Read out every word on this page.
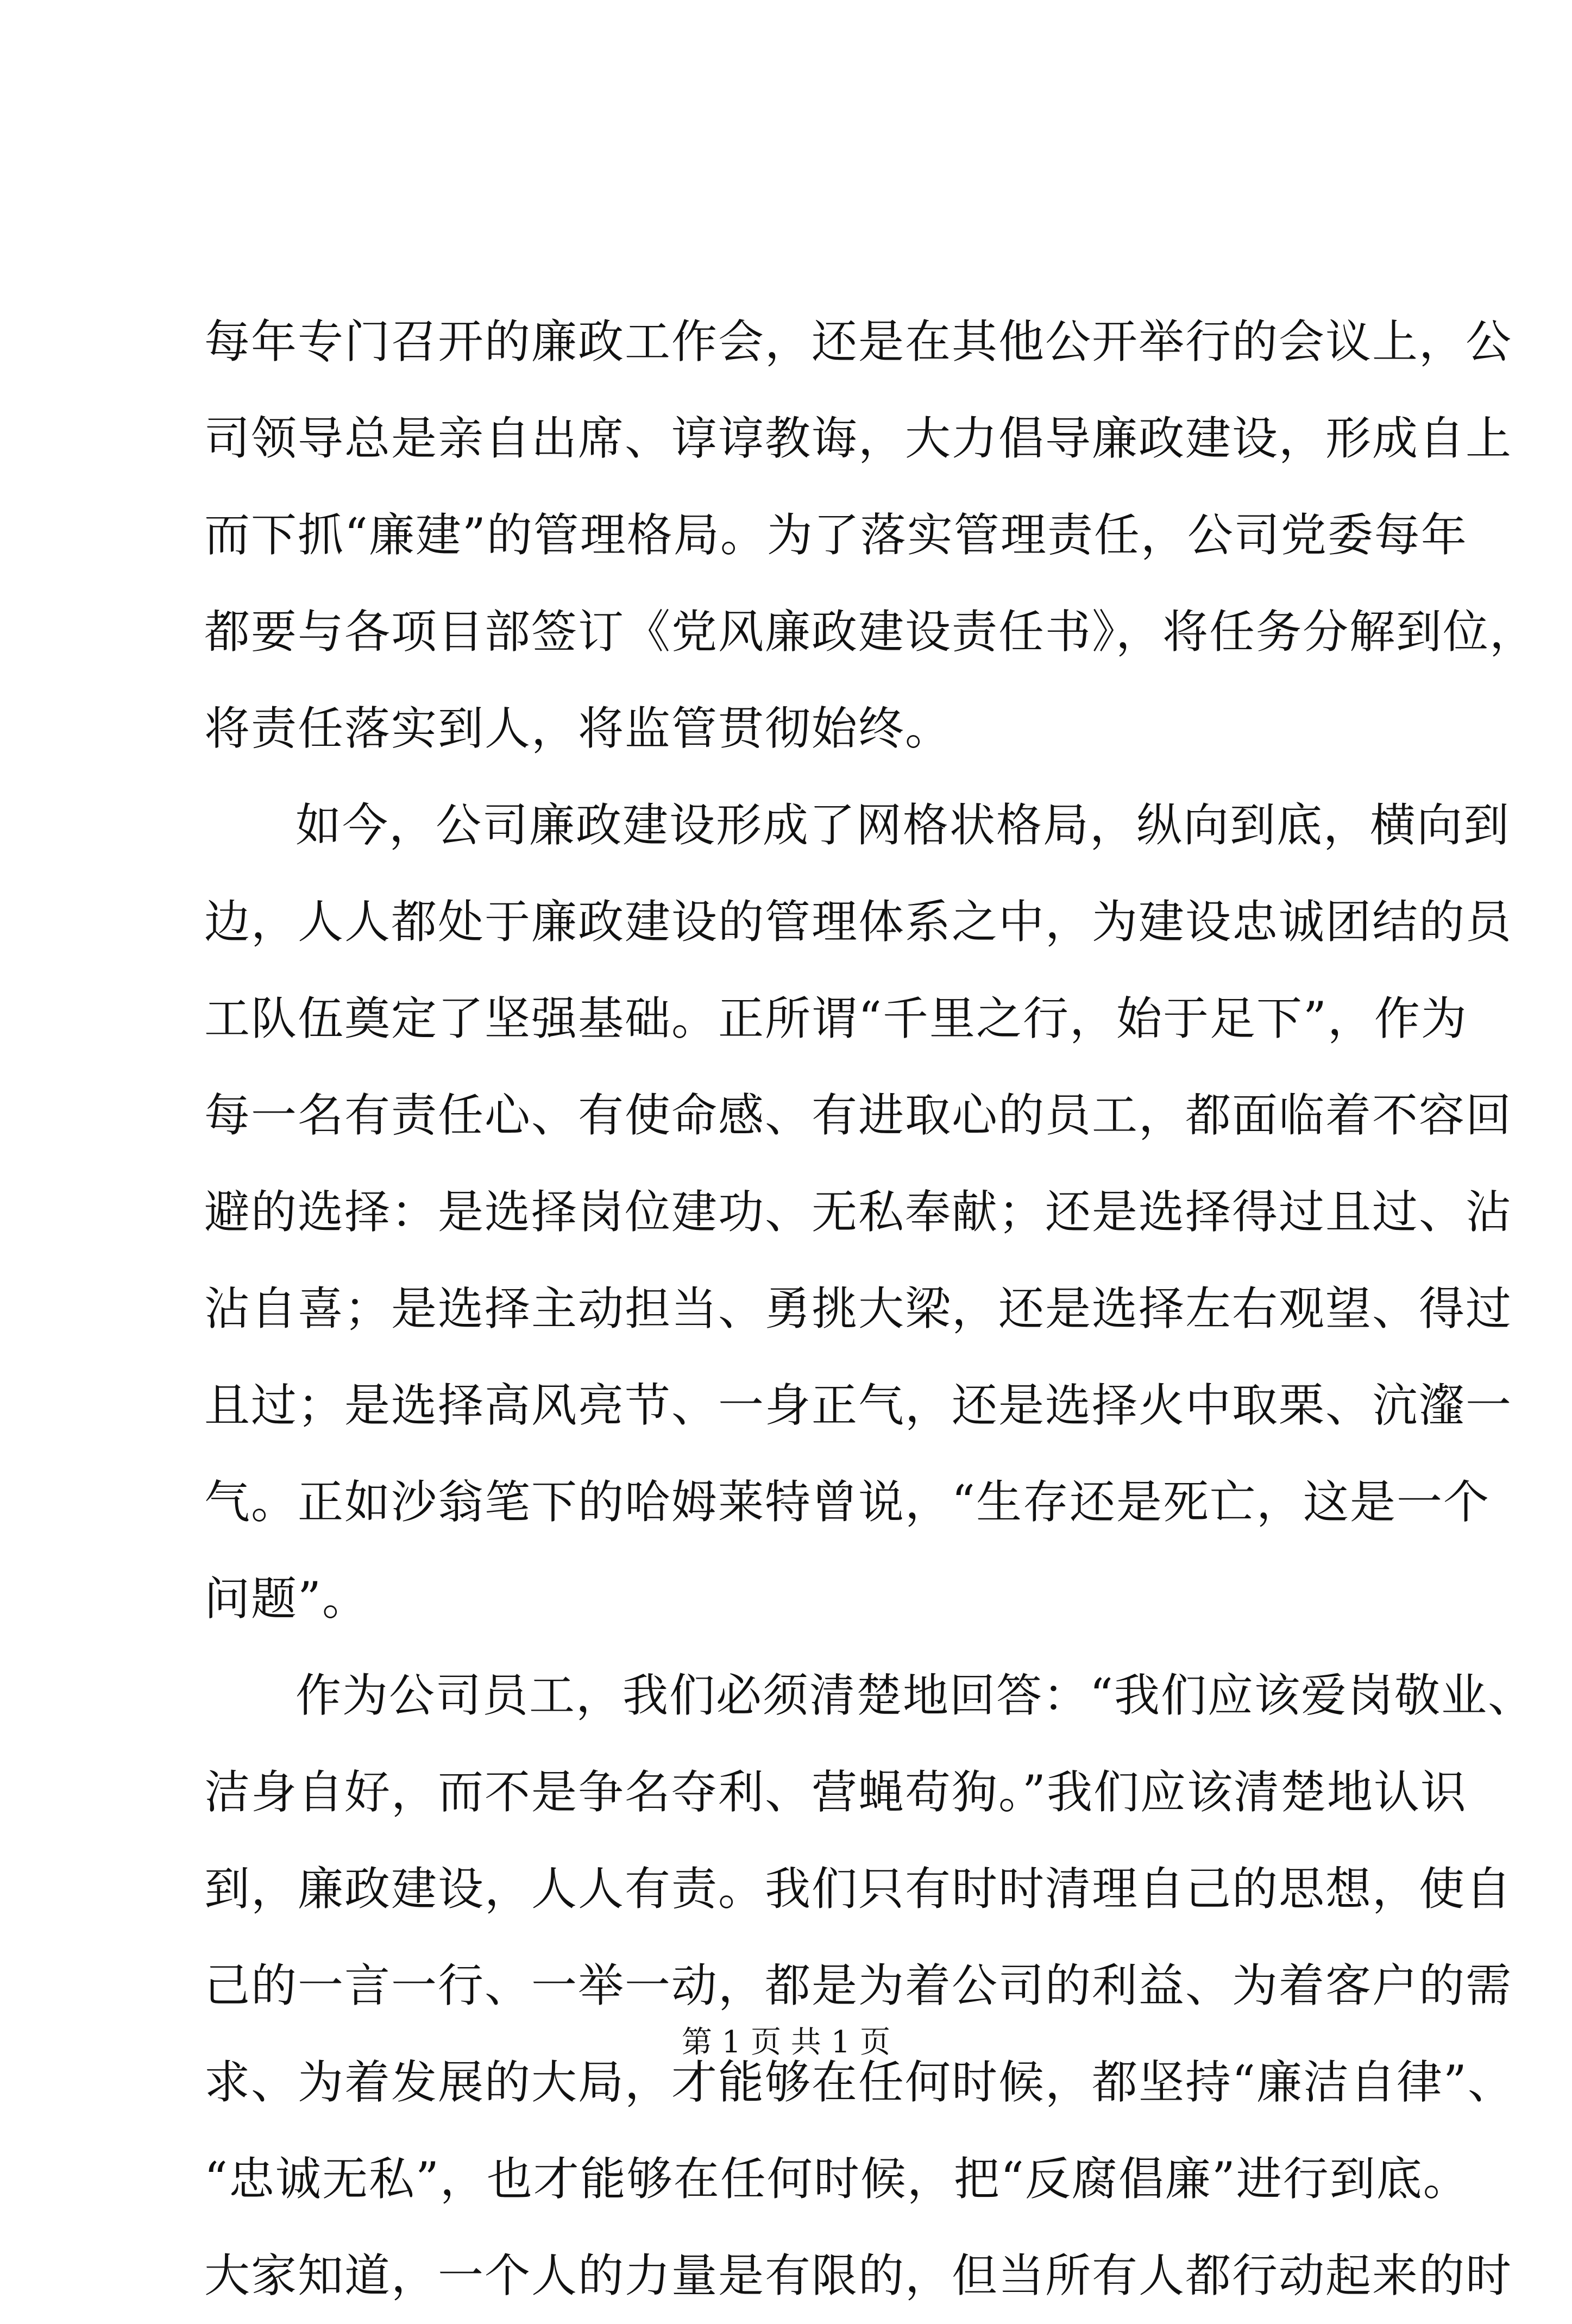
每年专门召开的廉政工作会，还是在其他公开举行的会议上，公
司领导总是亲自出席、谆谆教诲，大力倡导廉政建设，形成自上
而下抓“廉建”的管理格局。为了落实管理责任，公司党委每年
都要与各项目部签订《党风廉政建设责任书》，将任务分解到位，
将责任落实到人，将监管贯彻始终。
如今，公司廉政建设形成了网格状格局，纵向到底，横向到
边，人人都处于廉政建设的管理体系之中，为建设忠诚团结的员
工队伍奠定了坚强基础。正所谓“千里之行，始于足下”，作为
每一名有责任心、有使命感、有进取心的员工，都面临着不容回
避的选择：是选择岗位建功、无私奉献；还是选择得过且过、沾
沾自喜；是选择主动担当、勇挑大梁，还是选择左右观望、得过
且过；是选择高风亮节、一身正气，还是选择火中取栗、沆瀣一
气。正如沙翁笔下的哈姆莱特曾说，“生存还是死亡，这是一个
问题”。
作为公司员工，我们必须清楚地回答：“我们应该爱岗敬业、
洁身自好，而不是争名夺利、营蝇苟狗。”我们应该清楚地认识
到，廉政建设，人人有责。我们只有时时清理自己的思想，使自
己的一言一行、一举一动，都是为着公司的利益、为着客户的需
求、为着发展的大局，才能够在任何时候，都坚持“廉洁自律”、
“忠诚无私”，也才能够在任何时候，把“反腐倡廉”进行到底。
大家知道，一个人的力量是有限的，但当所有人都行动起来的时
第 1 页 共 1 页
